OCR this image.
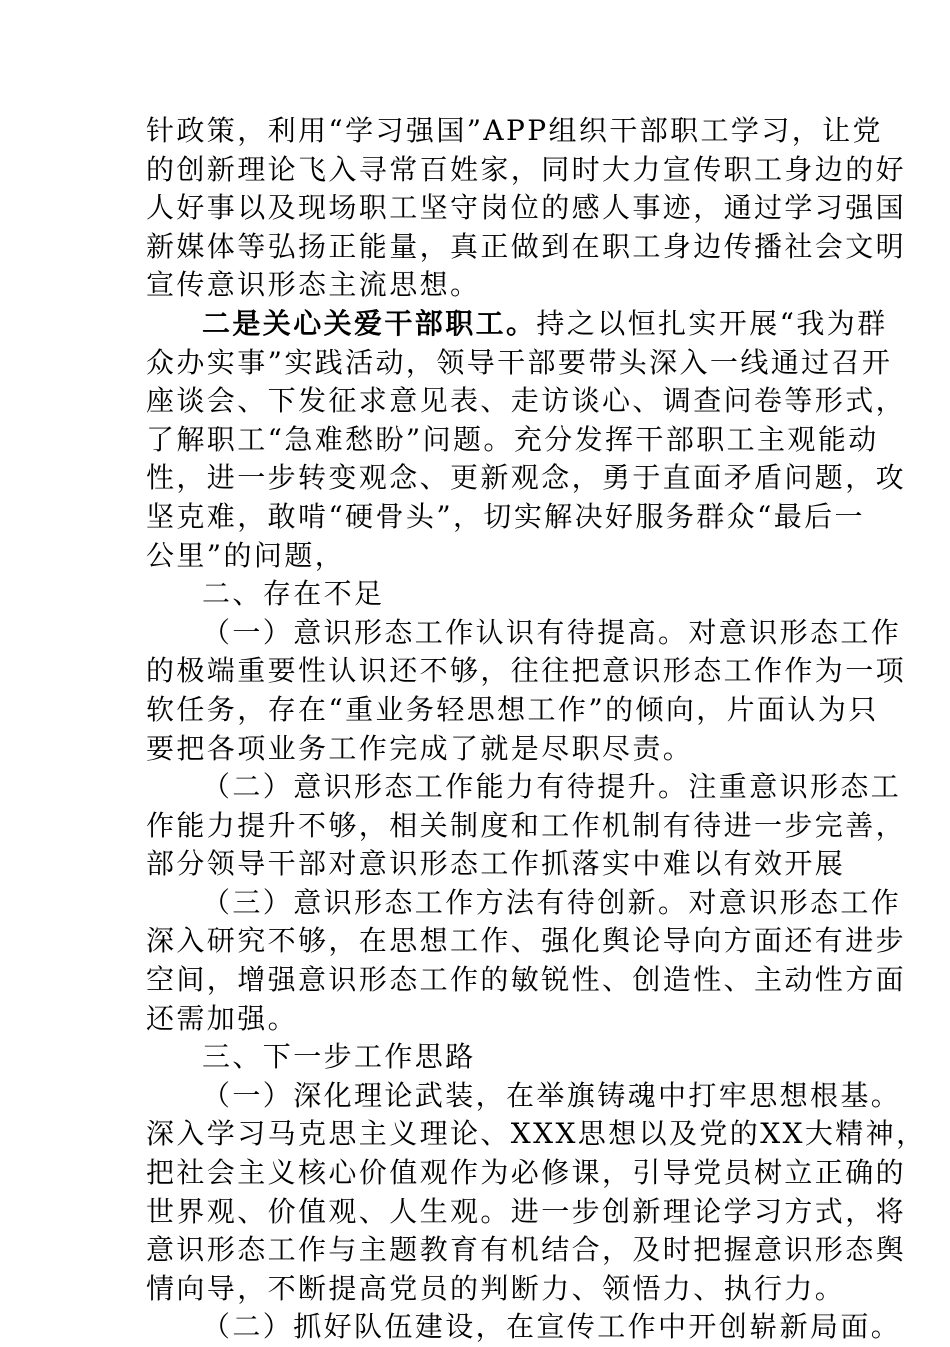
针政策，利用“学习强国”APP组织干部职工学习，让党
的创新理论飞入寻常百姓家，同时大力宣传职工身边的好
人好事以及现场职工坚守岗位的感人事迹，通过学习强国
新媒体等弘扬正能量，真正做到在职工身边传播社会文明
宣传意识形态主流思想。
二是关心关爱干部职工。持之以恒扎实开展“我为群
众办实事”实践活动，领导干部要带头深入一线通过召开
座谈会、下发征求意见表、走访谈心、调查问卷等形式，
了解职工“急难愁盼”问题。充分发挥干部职工主观能动
性，进一步转变观念、更新观念，勇于直面矛盾问题，攻
坚克难，敢啃“硬骨头”，切实解决好服务群众“最后一
公里”的问题，
二、存在不足
（一）意识形态工作认识有待提高。对意识形态工作
的极端重要性认识还不够，往往把意识形态工作作为一项
软任务，存在“重业务轻思想工作”的倾向，片面认为只
要把各项业务工作完成了就是尽职尽责。
（二）意识形态工作能力有待提升。注重意识形态工
作能力提升不够，相关制度和工作机制有待进一步完善，
部分领导干部对意识形态工作抓落实中难以有效开展
（三）意识形态工作方法有待创新。对意识形态工作
深入研究不够，在思想工作、强化舆论导向方面还有进步
空间，增强意识形态工作的敏锐性、创造性、主动性方面
还需加强。
三、下一步工作思路
（一）深化理论武装，在举旗铸魂中打牢思想根基。
深入学习马克思主义理论、XXX思想以及党的XX大精神，
把社会主义核心价值观作为必修课，引导党员树立正确的
世界观、价值观、人生观。进一步创新理论学习方式，将
意识形态工作与主题教育有机结合，及时把握意识形态舆
情向导，不断提高党员的判断力、领悟力、执行力。
（二）抓好队伍建设，在宣传工作中开创崭新局面。
